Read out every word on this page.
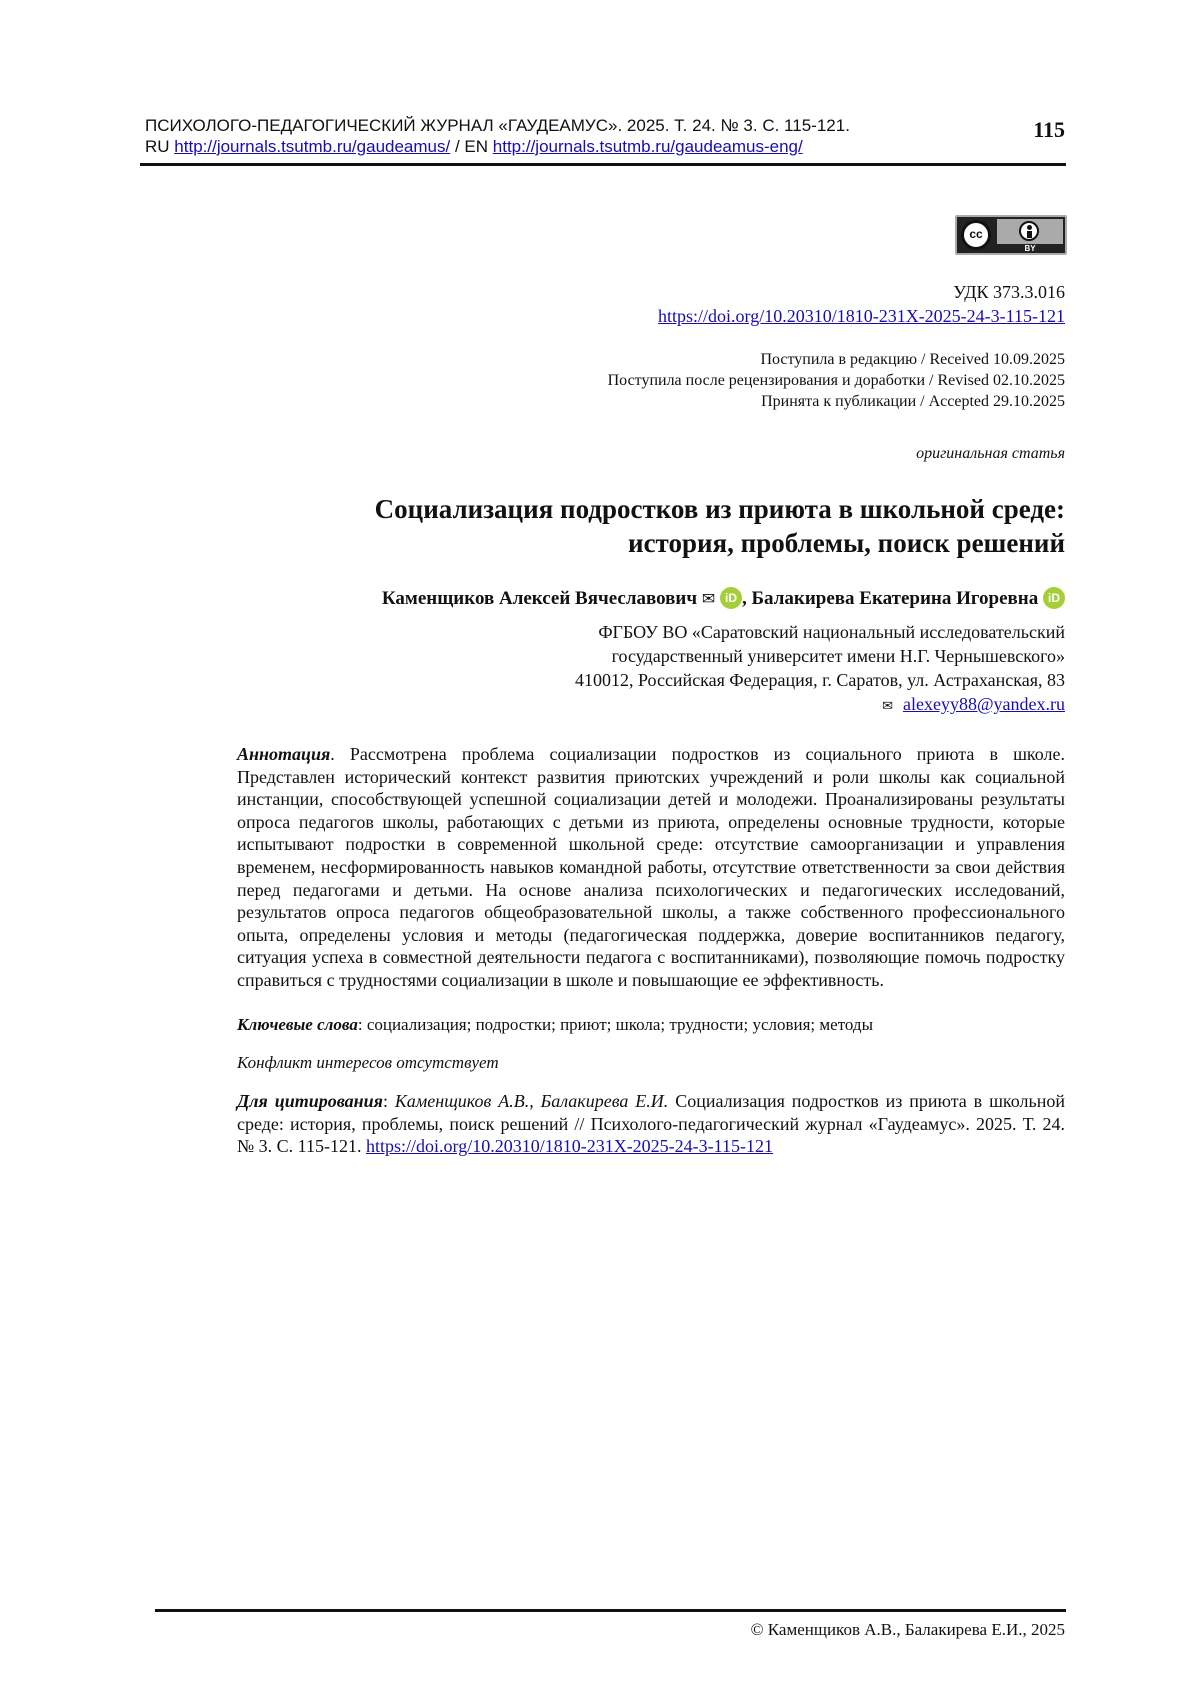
ПСИХОЛОГО-ПЕДАГОГИЧЕСКИЙ ЖУРНАЛ «ГАУДЕАМУС». 2025. Т. 24. № 3. С. 115-121.
RU http://journals.tsutmb.ru/gaudeamus/ / EN http://journals.tsutmb.ru/gaudeamus-eng/
115
cc
BY
УДК 373.3.016
https://doi.org/10.20310/1810-231X-2025-24-3-115-121
Поступила в редакцию / Received 10.09.2025
Поступила после рецензирования и доработки / Revised 02.10.2025
Принята к публикации / Accepted 29.10.2025
оригинальная статья
Социализация подростков из приюта в школьной среде:
история, проблемы, поиск решений
Каменщиков Алексей Вячеславович ✉ iD , Балакирева Екатерина Игоревна iD
ФГБОУ ВО «Саратовский национальный исследовательский
государственный университет имени Н.Г. Чернышевского»
410012, Российская Федерация, г. Саратов, ул. Астраханская, 83
✉ alexeyy88@yandex.ru
Аннотация. Рассмотрена проблема социализации подростков из социального приюта в школе. Представлен исторический контекст развития приютских учреждений и роли школы как социальной инстанции, способствующей успешной социализации детей и молодежи. Проанализированы результаты опроса педагогов школы, работающих с детьми из приюта, определены основные трудности, которые испытывают подростки в современной школьной среде: отсутствие самоорганизации и управления временем, несформированность навыков командной работы, отсутствие ответственности за свои действия перед педагогами и детьми. На основе анализа психологических и педагогических исследований, результатов опроса педагогов общеобразовательной школы, а также собственного профессионального опыта, определены условия и методы (педагогическая поддержка, доверие воспитанников педагогу, ситуация успеха в совместной деятельности педагога с воспитанниками), позволяющие помочь подростку справиться с трудностями социализации в школе и повышающие ее эффективность.
Ключевые слова: социализация; подростки; приют; школа; трудности; условия; методы
Конфликт интересов отсутствует
Для цитирования: Каменщиков А.В., Балакирева Е.И. Социализация подростков из приюта в школьной среде: история, проблемы, поиск решений // Психолого-педагогический журнал «Гаудеамус». 2025. Т. 24. № 3. С. 115-121. https://doi.org/10.20310/1810-231X-2025-24-3-115-121
© Каменщиков А.В., Балакирева Е.И., 2025
